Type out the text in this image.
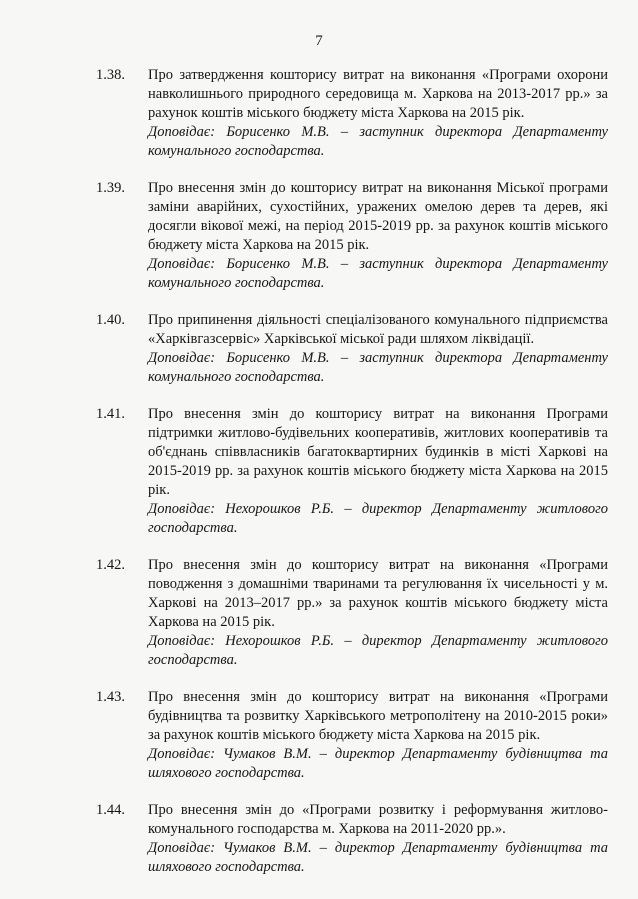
7
1.38.	Про затвердження кошторису витрат на виконання «Програми охорони навколишнього природного середовища м. Харкова на 2013-2017 рр.» за рахунок коштів міського бюджету міста Харкова на 2015 рік.

Доповідає: Борисенко М.В. – заступник директора Департаменту комунального господарства.

1.39.	Про внесення змін до кошторису витрат на виконання Міської програми заміни аварійних, сухостійних, уражених омелою дерев та дерев, які досягли вікової межі, на період 2015-2019 рр. за рахунок коштів міського бюджету міста Харкова на 2015 рік.

Доповідає: Борисенко М.В. – заступник директора Департаменту комунального господарства.

1.40.	Про припинення діяльності спеціалізованого комунального підприємства «Харківгазсервіс» Харківської міської ради шляхом ліквідації.

Доповідає: Борисенко М.В. – заступник директора Департаменту комунального господарства.

1.41.	Про внесення змін до кошторису витрат на виконання Програми підтримки житлово-будівельних кооперативів, житлових кооперативів та об'єднань співвласників багатоквартирних будинків в місті Харкові на 2015-2019 рр. за рахунок коштів міського бюджету міста Харкова на 2015 рік.

Доповідає: Нехорошков Р.Б. – директор Департаменту житлового господарства.

1.42.	Про внесення змін до кошторису витрат на виконання «Програми поводження з домашніми тваринами та регулювання їх чисельності у м. Харкові на 2013–2017 рр.» за рахунок коштів міського бюджету міста Харкова на 2015 рік.

Доповідає: Нехорошков Р.Б. – директор Департаменту житлового господарства.

1.43.	Про внесення змін до кошторису витрат на виконання «Програми будівництва та розвитку Харківського метрополітену на 2010-2015 роки» за рахунок коштів міського бюджету міста Харкова на 2015 рік.

Доповідає: Чумаков В.М. – директор Департаменту будівництва та шляхового господарства.

1.44.	Про внесення змін до «Програми розвитку і реформування житлово-комунального господарства м. Харкова на 2011-2020 рр.».

Доповідає: Чумаков В.М. – директор Департаменту будівництва та шляхового господарства.
